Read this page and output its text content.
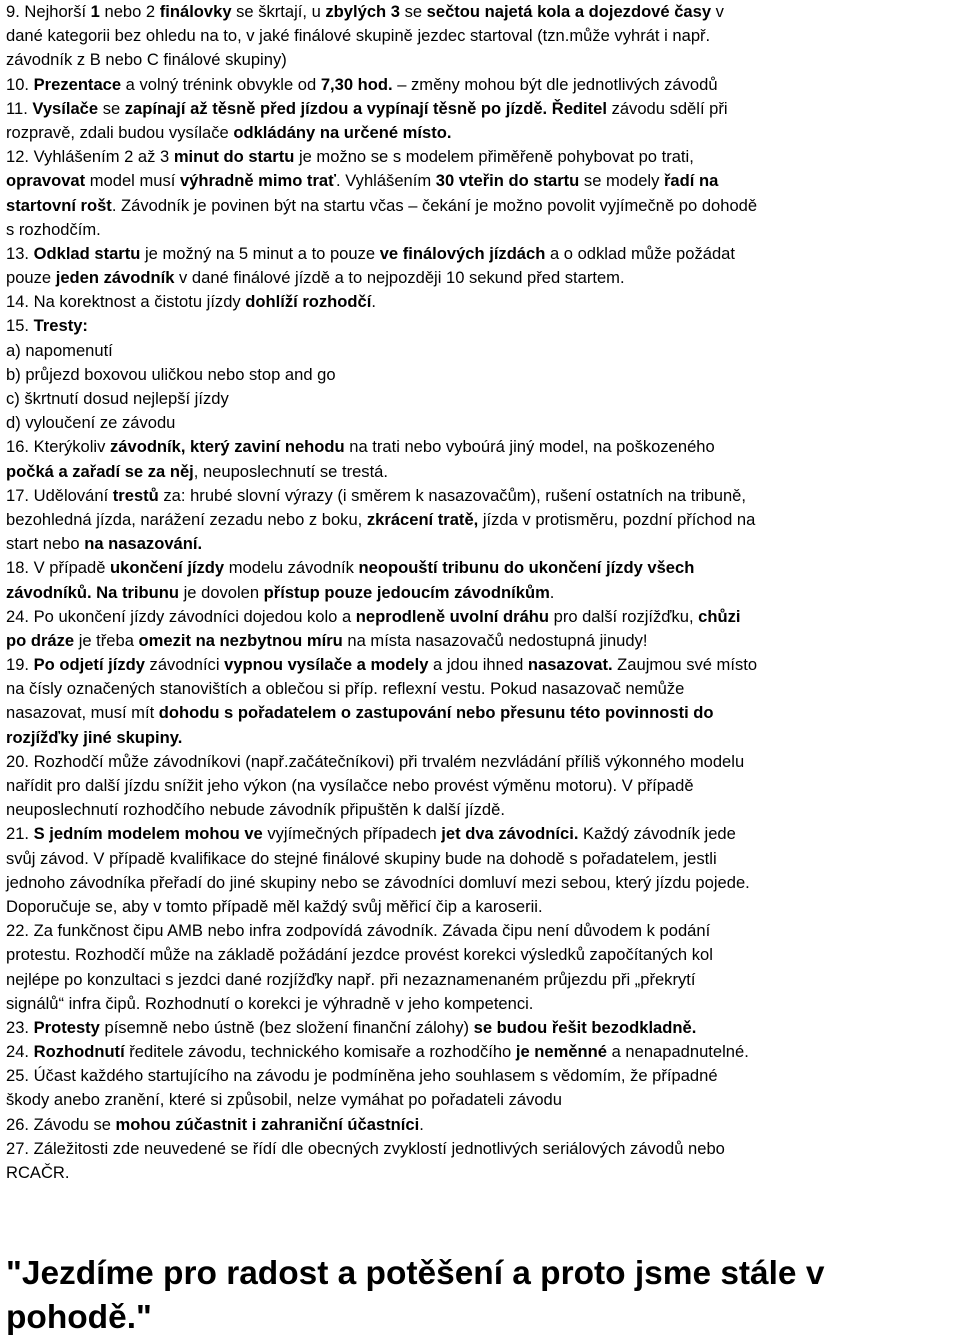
9. Nejhorší 1 nebo 2 finálovky se škrtají, u zbylých 3 se sečtou najetá kola a dojezdové časy v
dané kategorii bez ohledu na to, v jaké finálové skupině jezdec startoval (tzn.může vyhrát i např.
závodník z B nebo C finálové skupiny)
10. Prezentace a volný trénink obvykle od 7,30 hod. – změny mohou být dle jednotlivých závodů
11. Vysílače se zapínají až těsně před jízdou a vypínají těsně po jízdě. Ředitel závodu sdělí při
rozpravě, zdali budou vysílače odkládány na určené místo.
12. Vyhlášením 2 až 3 minut do startu je možno se s modelem přiměřeně pohybovat po trati,
opravovat model musí výhradně mimo trať. Vyhlášením 30 vteřin do startu se modely řadí na
startovní rošt. Závodník je povinen být na startu včas – čekání je možno povolit vyjímečně po dohodě
s rozhodčím.
13. Odklad startu je možný na 5 minut a to pouze ve finálových jízdách a o odklad může požádat
pouze jeden závodník v dané finálové jízdě a to nejpozději 10 sekund před startem.
14. Na korektnost a čistotu jízdy dohlíží rozhodčí.
15. Tresty:
a) napomenutí
b) průjezd boxovou uličkou nebo stop and go
c) škrtnutí dosud nejlepší jízdy
d) vyloučení ze závodu
16. Kterýkoliv závodník, který zaviní nehodu na trati nebo vyboúrá jiný model, na poškozeného
počká a zařadí se za něj, neuposlechnutí se trestá.
17. Udělování trestů za: hrubé slovní výrazy (i směrem k nasazovačům), rušení ostatních na tribuně,
bezohledná jízda, narážení zezadu nebo z boku, zkrácení tratě, jízda v protisměru, pozdní příchod na
start nebo na nasazování.
18. V případě ukončení jízdy modelu závodník neopouští tribunu do ukončení jízdy všech
závodníků. Na tribunu je dovolen přístup pouze jedoucím závodníkům.
24. Po ukončení jízdy závodníci dojedou kolo a neprodleně uvolní dráhu pro další rozjížďku, chůzi
po dráze je třeba omezit na nezbytnou míru na místa nasazovačů nedostupná jinudy!
19. Po odjetí jízdy závodníci vypnou vysílače a modely a jdou ihned nasazovat. Zaujmou své místo
na čísly označených stanovištích a oblečou si příp. reflexní vestu. Pokud nasazovač nemůže
nasazovat, musí mít dohodu s pořadatelem o zastupování nebo přesunu této povinnosti do
rozjížďky jiné skupiny.
20. Rozhodčí může závodníkovi (např.začátečníkovi) při trvalém nezvládání příliš výkonného modelu
nařídit pro další jízdu snížit jeho výkon (na vysílačce nebo provést výměnu motoru). V případě
neuposlechnutí rozhodčího nebude závodník připuštěn k další jízdě.
21. S jedním modelem mohou ve vyjímečných případech jet dva závodníci. Každý závodník jede
svůj závod. V případě kvalifikace do stejné finálové skupiny bude na dohodě s pořadatelem, jestli
jednoho závodníka přeřadí do jiné skupiny nebo se závodníci domluví mezi sebou, který jízdu pojede.
Doporučuje se, aby v tomto případě měl každý svůj měřicí čip a karoserii.
22. Za funkčnost čipu AMB nebo infra zodpovídá závodník. Závada čipu není důvodem k podání
protestu. Rozhodčí může na základě požádání jezdce provést korekci výsledků započítaných kol
nejlépe po konzultaci s jezdci dané rozjížďky např. při nezaznamenaném průjezdu při „překrytí
signálů“ infra čipů. Rozhodnutí o korekci je výhradně v jeho kompetenci.
23. Protesty písemně nebo ústně (bez složení finanční zálohy) se budou řešit bezodkladně.
24. Rozhodnutí ředitele závodu, technického komisaře a rozhodčího je neměnné a nenapadnutelné.
25. Účast každého startujícího na závodu je podmíněna jeho souhlasem s vědomím, že případné
škody anebo zranění, které si způsobil, nelze vymáhat po pořadateli závodu
26. Závodu se mohou zúčastnit i zahraniční účastníci.
27. Záležitosti zde neuvedené se řídí dle obecných zvyklostí jednotlivých seriálových závodů nebo
RCAČR.
"Jezdíme pro radost a potěšení a proto jsme stále v
pohodě."
